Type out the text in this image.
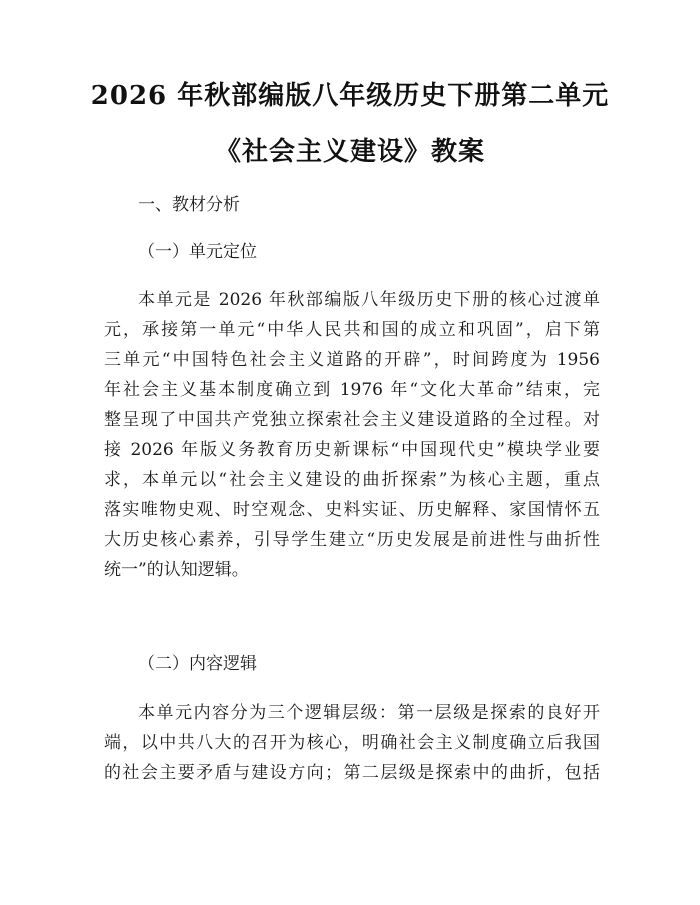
2026 年秋部编版八年级历史下册第二单元
《社会主义建设》教案
一、教材分析
（一）单元定位
本单元是 2026 年秋部编版八年级历史下册的核心过渡单
元，承接第一单元“中华人民共和国的成立和巩固”，启下第
三单元“中国特色社会主义道路的开辟”，时间跨度为 1956
年社会主义基本制度确立到 1976 年“文化大革命”结束，完
整呈现了中国共产党独立探索社会主义建设道路的全过程。对
接 2026 年版义务教育历史新课标“中国现代史”模块学业要
求，本单元以“社会主义建设的曲折探索”为核心主题，重点
落实唯物史观、时空观念、史料实证、历史解释、家国情怀五
大历史核心素养，引导学生建立“历史发展是前进性与曲折性
统一”的认知逻辑。
（二）内容逻辑
本单元内容分为三个逻辑层级：第一层级是探索的良好开
端，以中共八大的召开为核心，明确社会主义制度确立后我国
的社会主要矛盾与建设方向；第二层级是探索中的曲折，包括
